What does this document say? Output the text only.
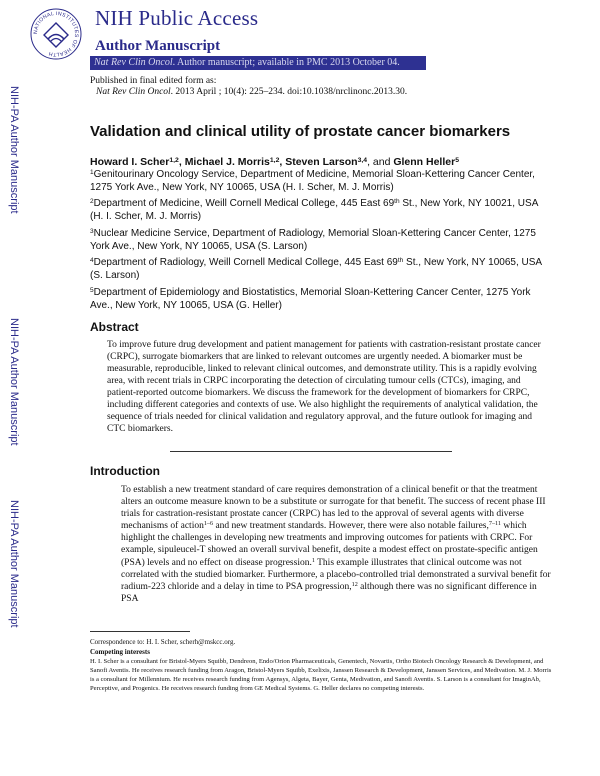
NATIONAL INSTITUTES OF HEALTH
NIH Public Access
Author Manuscript
Nat Rev Clin Oncol. Author manuscript; available in PMC 2013 October 04.
Published in final edited form as:
Nat Rev Clin Oncol. 2013 April ; 10(4): 225–234. doi:10.1038/nrclinonc.2013.30.
NIH-PA Author Manuscript
NIH-PA Author Manuscript
NIH-PA Author Manuscript
Validation and clinical utility of prostate cancer biomarkers
Howard I. Scher$^{1,2}$, Michael J. Morris$^{1,2}$, Steven Larson$^{3,4}$, and Glenn Heller$^5$
$^1$Genitourinary Oncology Service, Department of Medicine, Memorial Sloan-Kettering Cancer Center, 1275 York Ave., New York, NY 10065, USA (H. I. Scher, M. J. Morris)
$^2$Department of Medicine, Weill Cornell Medical College, 445 East 69th St., New York, NY 10021, USA (H. I. Scher, M. J. Morris)
$^3$Nuclear Medicine Service, Department of Radiology, Memorial Sloan-Kettering Cancer Center, 1275 York Ave., New York, NY 10065, USA (S. Larson)
$^4$Department of Radiology, Weill Cornell Medical College, 445 East 69th St., New York, NY 10065, USA (S. Larson)
$^5$Department of Epidemiology and Biostatistics, Memorial Sloan-Kettering Cancer Center, 1275 York Ave., New York, NY 10065, USA (G. Heller)
Abstract
To improve future drug development and patient management for patients with castration-resistant prostate cancer (CRPC), surrogate biomarkers that are linked to relevant outcomes are urgently needed. A biomarker must be measurable, reproducible, linked to relevant clinical outcomes, and demonstrate utility. This is a rapidly evolving area, with recent trials in CRPC incorporating the detection of circulating tumour cells (CTCs), imaging, and patient-reported outcome biomarkers. We discuss the framework for the development of biomarkers for CRPC, including different categories and contexts of use. We also highlight the requirements of analytical validation, the sequence of trials needed for clinical validation and regulatory approval, and the future outlook for imaging and CTC biomarkers.
Introduction
To establish a new treatment standard of care requires demonstration of a clinical benefit or that the treatment alters an outcome measure known to be a substitute or surrogate for that benefit. The success of recent phase III trials for castration-resistant prostate cancer (CRPC) has led to the approval of several agents with diverse mechanisms of action$^{1-6}$ and new treatment standards. However, there were also notable failures,$^{7-11}$ which highlight the challenges in developing new treatments and improving outcomes for patients with CRPC. For example, sipuleucel-T showed an overall survival benefit, despite a modest effect on prostate-specific antigen (PSA) levels and no effect on disease progression.$^1$ This example illustrates that clinical outcome was not correlated with the studied biomarker. Furthermore, a placebo-controlled trial demonstrated a survival benefit for radium-223 chloride and a delay in time to PSA progression,$^{12}$ although there was no significant difference in PSA
Correspondence to: H. I. Scher, scherh@mskcc.org.
Competing interests
H. I. Scher is a consultant for Bristol-Myers Squibb, Dendreon, Endo/Orion Pharmaceuticals, Genentech, Novartis, Ortho Biotech Oncology Research & Development, and Sanofi Aventis. He receives research funding from Aragon, Bristol-Myers Squibb, Exelixis, Janssen Research & Development, Janssen Services, and Medivation. M. J. Morris is a consultant for Millennium. He receives research funding from Agensys, Algeta, Bayer, Genta, Medivation, and Sanofi Aventis. S. Larson is a consultant for ImaginAb, Perceptive, and Progenics. He receives research funding from GE Medical Systems. G. Heller declares no competing interests.
